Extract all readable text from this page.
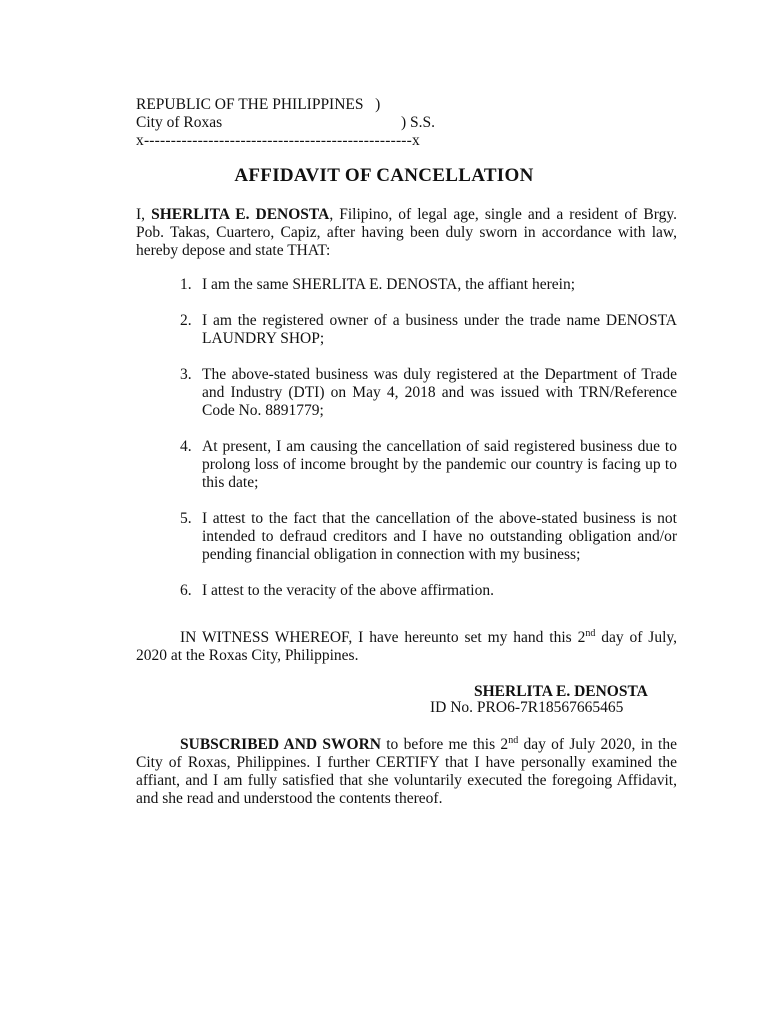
REPUBLIC OF THE PHILIPPINES
)
City of Roxas	) S.S.
x--------------------------------------------------x
AFFIDAVIT OF CANCELLATION
I, SHERLITA E. DENOSTA, Filipino, of legal age, single and a resident of Brgy. Pob. Takas, Cuartero, Capiz, after having been duly sworn in accordance with law, hereby depose and state THAT:
1. I am the same SHERLITA E. DENOSTA, the affiant herein;
2. I am the registered owner of a business under the trade name DENOSTA LAUNDRY SHOP;
3. The above-stated business was duly registered at the Department of Trade and Industry (DTI) on May 4, 2018 and was issued with TRN/Reference Code No. 8891779;
4. At present, I am causing the cancellation of said registered business due to prolong loss of income brought by the pandemic our country is facing up to this date;
5. I attest to the fact that the cancellation of the above-stated business is not intended to defraud creditors and I have no outstanding obligation and/or pending financial obligation in connection with my business;
6. I attest to the veracity of the above affirmation.
IN WITNESS WHEREOF, I have hereunto set my hand this 2nd day of July, 2020 at the Roxas City, Philippines.
SHERLITA E. DENOSTA
ID No. PRO6-7R18567665465
SUBSCRIBED AND SWORN to before me this 2nd day of July 2020, in the City of Roxas, Philippines. I further CERTIFY that I have personally examined the affiant, and I am fully satisfied that she voluntarily executed the foregoing Affidavit, and she read and understood the contents thereof.
